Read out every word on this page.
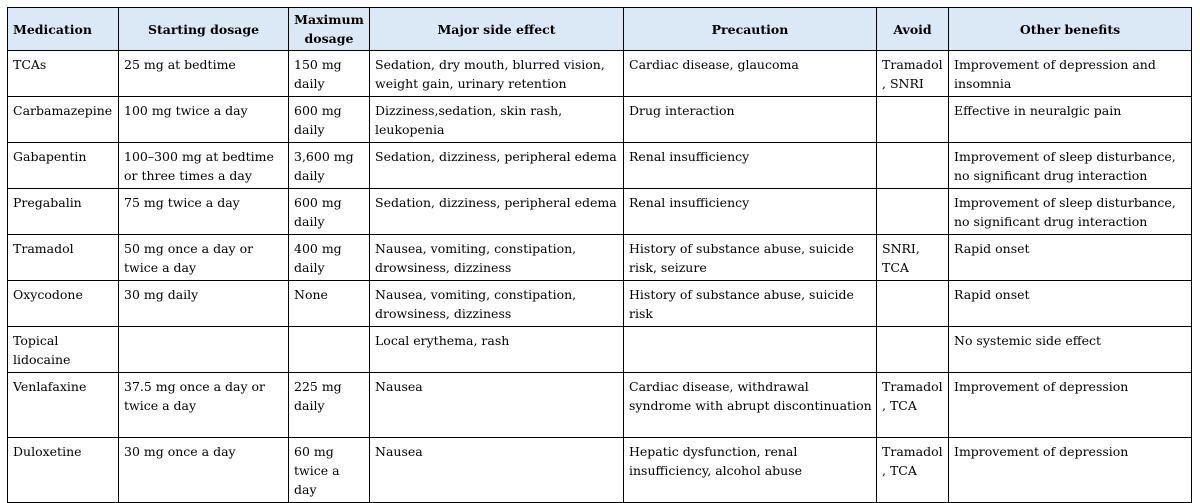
Medication	Starting dosage	Maximum dosage	Major side effect	Precaution	Avoid	Other benefits
TCAs	25 mg at bedtime	150 mg daily	Sedation, dry mouth, blurred vision, weight gain, urinary retention	Cardiac disease, glaucoma	Tramadol, SNRI	Improvement of depression and insomnia
Carbamazepine	100 mg twice a day	600 mg daily	Dizziness,sedation, skin rash, leukopenia	Drug interaction		Effective in neuralgic pain
Gabapentin	100–300 mg at bedtime or three times a day	3,600 mg daily	Sedation, dizziness, peripheral edema	Renal insufficiency		Improvement of sleep disturbance, no significant drug interaction
Pregabalin	75 mg twice a day	600 mg daily	Sedation, dizziness, peripheral edema	Renal insufficiency		Improvement of sleep disturbance, no significant drug interaction
Tramadol	50 mg once a day or twice a day	400 mg daily	Nausea, vomiting, constipation, drowsiness, dizziness	History of substance abuse, suicide risk, seizure	SNRI, TCA	Rapid onset
Oxycodone	30 mg daily	None	Nausea, vomiting, constipation, drowsiness, dizziness	History of substance abuse, suicide risk		Rapid onset
Topical lidocaine			Local erythema, rash			No systemic side effect
Venlafaxine	37.5 mg once a day or twice a day	225 mg daily	Nausea	Cardiac disease, withdrawal syndrome with abrupt discontinuation	Tramadol, TCA	Improvement of depression
Duloxetine	30 mg once a day	60 mg twice a day	Nausea	Hepatic dysfunction, renal insufficiency, alcohol abuse	Tramadol, TCA	Improvement of depression
